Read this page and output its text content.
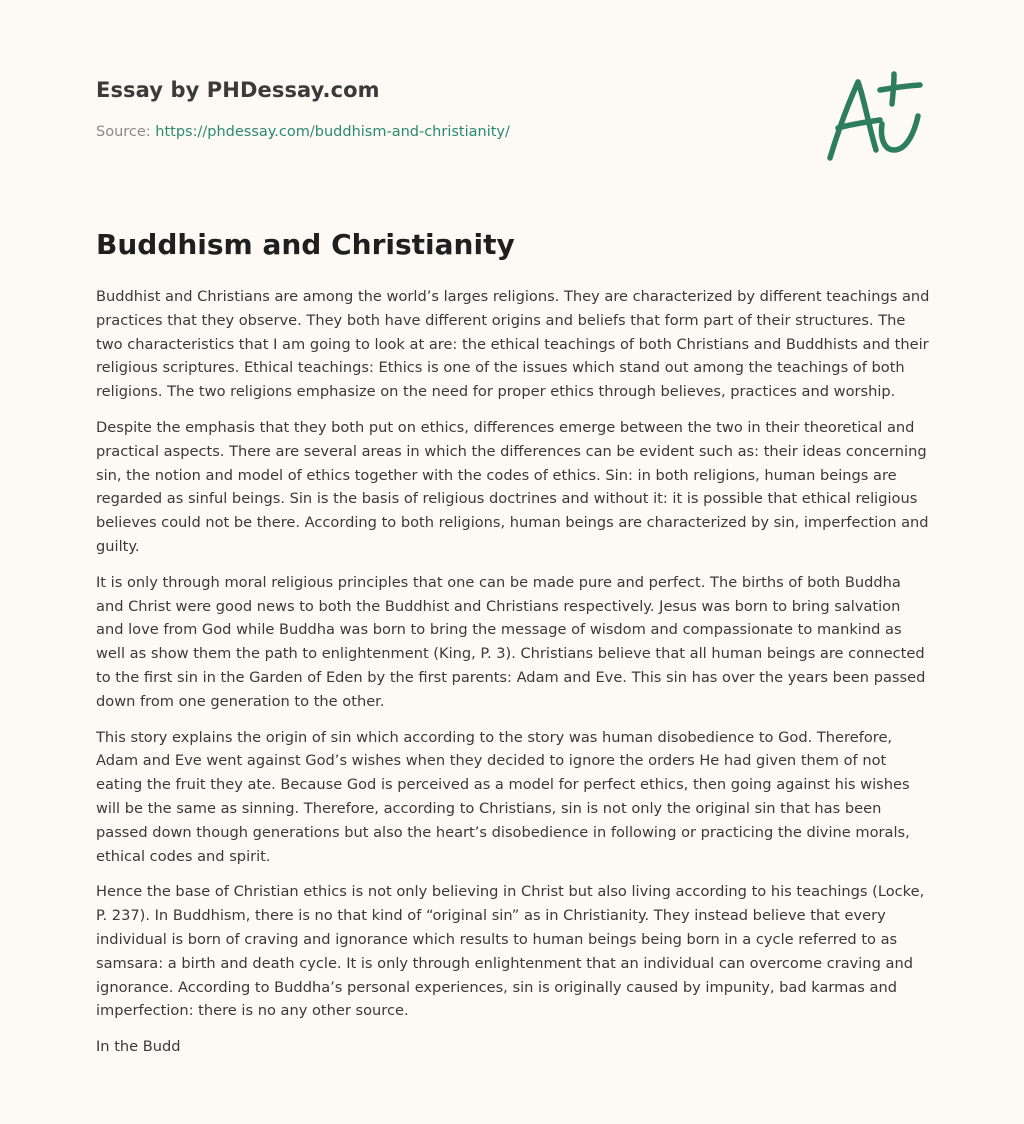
Essay by PHDessay.com
Source: https://phdessay.com/buddhism-and-christianity/
Buddhism and Christianity

Buddhist and Christians are among the world’s larges religions. They are characterized by different teachings and practices that they observe. They both have different origins and beliefs that form part of their structures. The two characteristics that I am going to look at are: the ethical teachings of both Christians and Buddhists and their religious scriptures. Ethical teachings: Ethics is one of the issues which stand out among the teachings of both religions. The two religions emphasize on the need for proper ethics through believes, practices and worship.

Despite the emphasis that they both put on ethics, differences emerge between the two in their theoretical and practical aspects. There are several areas in which the differences can be evident such as: their ideas concerning sin, the notion and model of ethics together with the codes of ethics. Sin: in both religions, human beings are regarded as sinful beings. Sin is the basis of religious doctrines and without it: it is possible that ethical religious believes could not be there. According to both religions, human beings are characterized by sin, imperfection and guilty.

It is only through moral religious principles that one can be made pure and perfect. The births of both Buddha and Christ were good news to both the Buddhist and Christians respectively. Jesus was born to bring salvation and love from God while Buddha was born to bring the message of wisdom and compassionate to mankind as well as show them the path to enlightenment (King, P. 3). Christians believe that all human beings are connected to the first sin in the Garden of Eden by the first parents: Adam and Eve. This sin has over the years been passed down from one generation to the other.

This story explains the origin of sin which according to the story was human disobedience to God. Therefore, Adam and Eve went against God’s wishes when they decided to ignore the orders He had given them of not eating the fruit they ate. Because God is perceived as a model for perfect ethics, then going against his wishes will be the same as sinning. Therefore, according to Christians, sin is not only the original sin that has been passed down though generations but also the heart’s disobedience in following or practicing the divine morals, ethical codes and spirit.

Hence the base of Christian ethics is not only believing in Christ but also living according to his teachings (Locke, P. 237). In Buddhism, there is no that kind of “original sin” as in Christianity. They instead believe that every individual is born of craving and ignorance which results to human beings being born in a cycle referred to as samsara: a birth and death cycle. It is only through enlightenment that an individual can overcome craving and ignorance. According to Buddha’s personal experiences, sin is originally caused by impunity, bad karmas and imperfection: there is no any other source.

In the Budd
